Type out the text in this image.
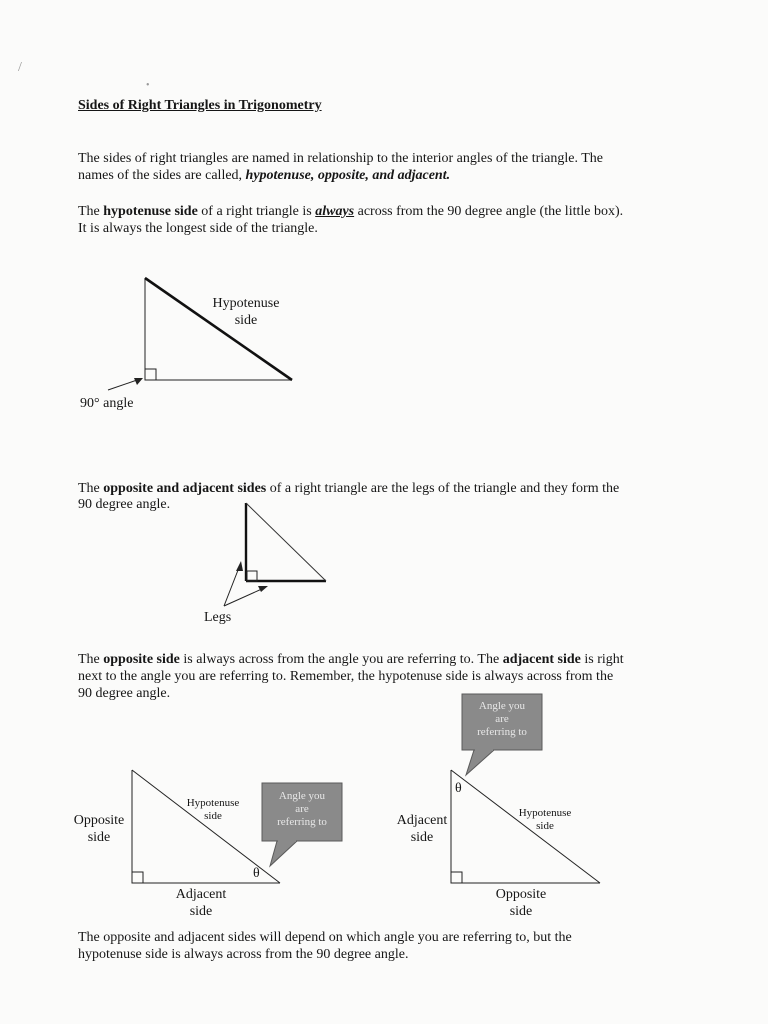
/
•
Sides of Right Triangles in Trigonometry

The sides of right triangles are named in relationship to the interior angles of the triangle. The

names of the sides are called, hypotenuse, opposite, and adjacent.

The hypotenuse side of a right triangle is always across from the 90 degree angle (the little box).

It is always the longest side of the triangle.

Hypotenuse
side
90° angle

The opposite and adjacent sides of a right triangle are the legs of the triangle and they form the

90 degree angle.

Legs

The opposite side is always across from the angle you are referring to. The adjacent side is right

next to the angle you are referring to. Remember, the hypotenuse side is always across from the

90 degree angle.

Opposite
side
Adjacent
side
Hypotenuse
side
θ
Angle you
are
referring to	Adjacent
side
Opposite
side
Hypotenuse
side
θ
Angle you
are
referring to

The opposite and adjacent sides will depend on which angle you are referring to, but the

hypotenuse side is always across from the 90 degree angle.
